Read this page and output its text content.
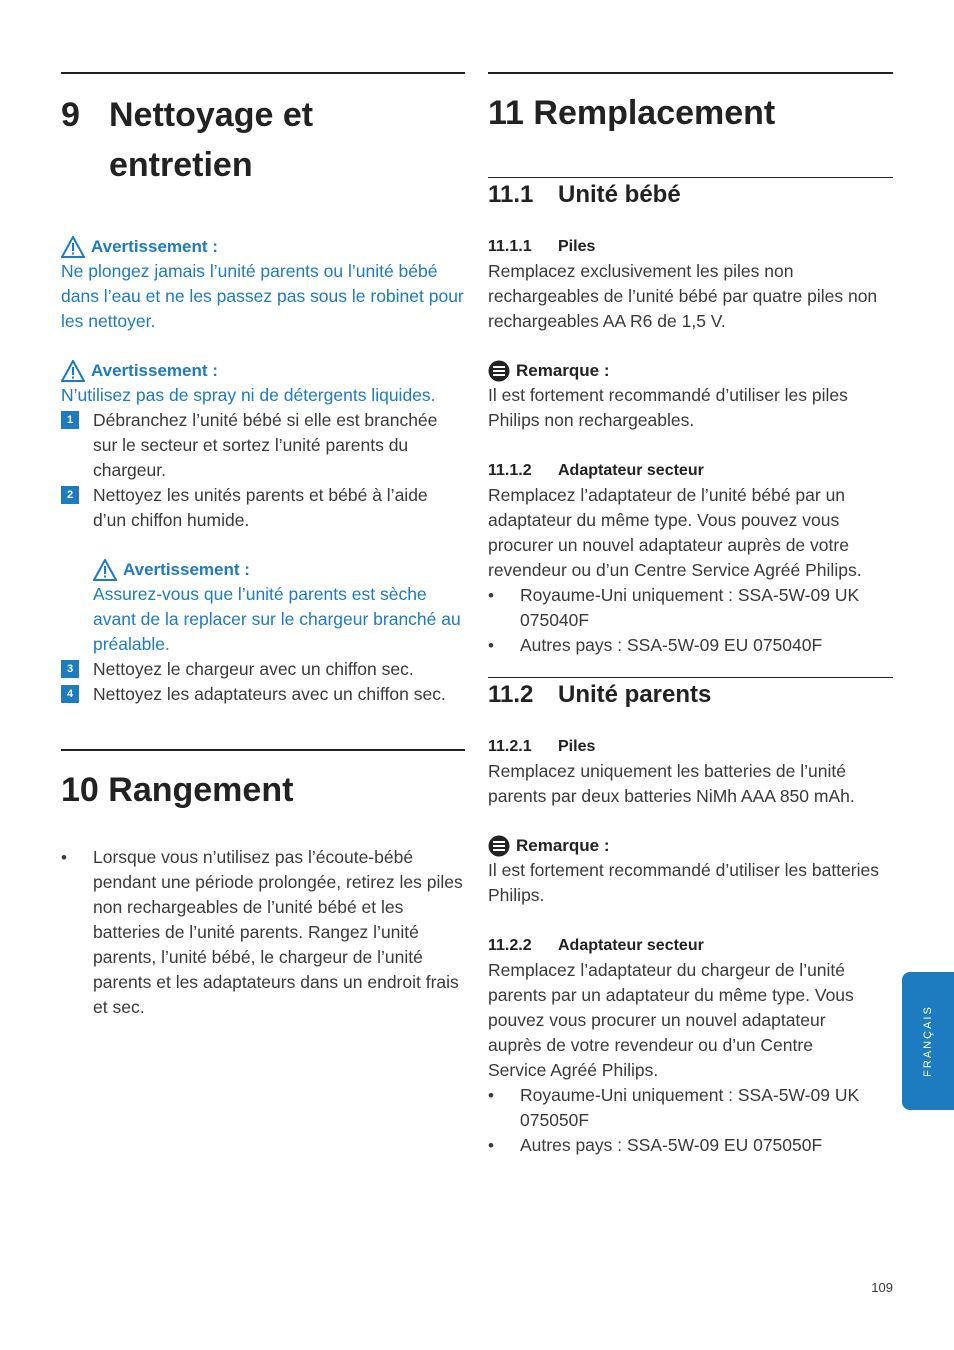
9 Nettoyage et entretien
Avertissement :

Ne plongez jamais l’unité parents ou l’unité bébé dans l’eau et ne les passez pas sous le robinet pour les nettoyer.

Avertissement :

N’utilisez pas de spray ni de détergents liquides.

1	Débranchez l’unité bébé si elle est branchée sur le secteur et sortez l’unité parents du chargeur.

2	Nettoyez les unités parents et bébé à l’aide d’un chiffon humide.

Avertissement :

Assurez-vous que l’unité parents est sèche avant de la replacer sur le chargeur branché au préalable.

3	Nettoyez le chargeur avec un chiffon sec.

4	Nettoyez les adaptateurs avec un chiffon sec.

10 Rangement
•	Lorsque vous n’utilisez pas l’écoute-bébé pendant une période prolongée, retirez les piles non rechargeables de l’unité bébé et les batteries de l’unité parents. Rangez l’unité parents, l’unité bébé, le chargeur de l’unité parents et les adaptateurs dans un endroit frais et sec.

11 Remplacement
11.1 Unité bébé
11.1.1 Piles

Remplacez exclusivement les piles non rechargeables de l’unité bébé par quatre piles non rechargeables AA R6 de 1,5 V.

Remarque :

Il est fortement recommandé d’utiliser les piles Philips non rechargeables.

11.1.2 Adaptateur secteur

Remplacez l’adaptateur de l’unité bébé par un adaptateur du même type. Vous pouvez vous procurer un nouvel adaptateur auprès de votre revendeur ou d’un Centre Service Agréé Philips.

•	Royaume-Uni uniquement : SSA-5W-09 UK 075040F

•	Autres pays : SSA-5W-09 EU 075040F

11.2 Unité parents
11.2.1 Piles

Remplacez uniquement les batteries de l’unité parents par deux batteries NiMh AAA 850 mAh.

Remarque :

Il est fortement recommandé d’utiliser les batteries Philips.

11.2.2 Adaptateur secteur

Remplacez l’adaptateur du chargeur de l’unité parents par un adaptateur du même type. Vous pouvez vous procurer un nouvel adaptateur auprès de votre revendeur ou d’un Centre Service Agréé Philips.

•	Royaume-Uni uniquement : SSA-5W-09 UK 075050F

•	Autres pays : SSA-5W-09 EU 075050F

FRANÇAIS
109
